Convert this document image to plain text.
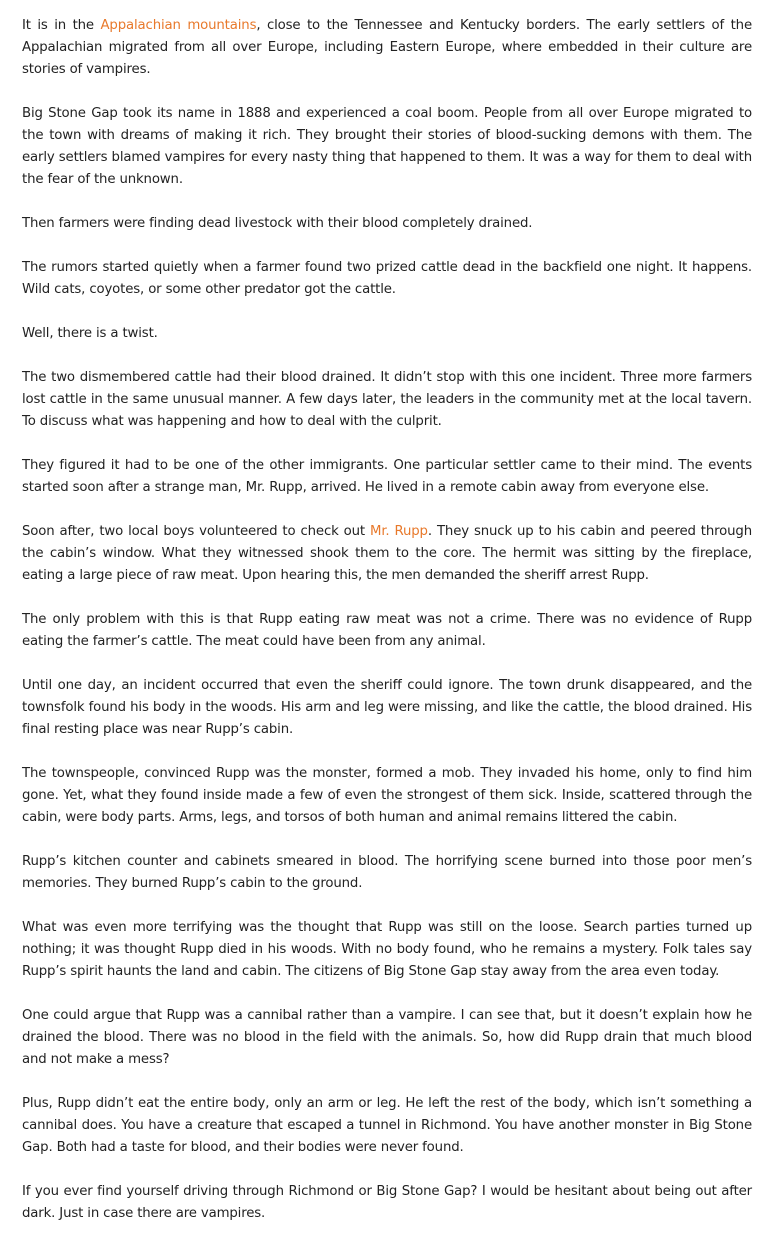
It is in the Appalachian mountains, close to the Tennessee and Kentucky borders. The early settlers of the Appalachian migrated from all over Europe, including Eastern Europe, where embedded in their culture are stories of vampires.

Big Stone Gap took its name in 1888 and experienced a coal boom. People from all over Europe migrated to the town with dreams of making it rich. They brought their stories of blood-sucking demons with them. The early settlers blamed vampires for every nasty thing that happened to them. It was a way for them to deal with the fear of the unknown.

Then farmers were finding dead livestock with their blood completely drained.

The rumors started quietly when a farmer found two prized cattle dead in the backfield one night. It happens. Wild cats, coyotes, or some other predator got the cattle.

Well, there is a twist.

The two dismembered cattle had their blood drained. It didn’t stop with this one incident. Three more farmers lost cattle in the same unusual manner. A few days later, the leaders in the community met at the local tavern. To discuss what was happening and how to deal with the culprit.

They figured it had to be one of the other immigrants. One particular settler came to their mind. The events started soon after a strange man, Mr. Rupp, arrived. He lived in a remote cabin away from everyone else.

Soon after, two local boys volunteered to check out Mr. Rupp. They snuck up to his cabin and peered through the cabin’s window. What they witnessed shook them to the core. The hermit was sitting by the fireplace, eating a large piece of raw meat. Upon hearing this, the men demanded the sheriff arrest Rupp.

The only problem with this is that Rupp eating raw meat was not a crime. There was no evidence of Rupp eating the farmer’s cattle. The meat could have been from any animal.

Until one day, an incident occurred that even the sheriff could ignore. The town drunk disappeared, and the townsfolk found his body in the woods. His arm and leg were missing, and like the cattle, the blood drained. His final resting place was near Rupp’s cabin.

The townspeople, convinced Rupp was the monster, formed a mob. They invaded his home, only to find him gone. Yet, what they found inside made a few of even the strongest of them sick. Inside, scattered through the cabin, were body parts. Arms, legs, and torsos of both human and animal remains littered the cabin.

Rupp’s kitchen counter and cabinets smeared in blood. The horrifying scene burned into those poor men’s memories. They burned Rupp’s cabin to the ground.

What was even more terrifying was the thought that Rupp was still on the loose. Search parties turned up nothing; it was thought Rupp died in his woods. With no body found, who he remains a mystery. Folk tales say Rupp’s spirit haunts the land and cabin. The citizens of Big Stone Gap stay away from the area even today.

One could argue that Rupp was a cannibal rather than a vampire. I can see that, but it doesn’t explain how he drained the blood. There was no blood in the field with the animals. So, how did Rupp drain that much blood and not make a mess?

Plus, Rupp didn’t eat the entire body, only an arm or leg. He left the rest of the body, which isn’t something a cannibal does. You have a creature that escaped a tunnel in Richmond. You have another monster in Big Stone Gap. Both had a taste for blood, and their bodies were never found.

If you ever find yourself driving through Richmond or Big Stone Gap? I would be hesitant about being out after dark. Just in case there are vampires.
